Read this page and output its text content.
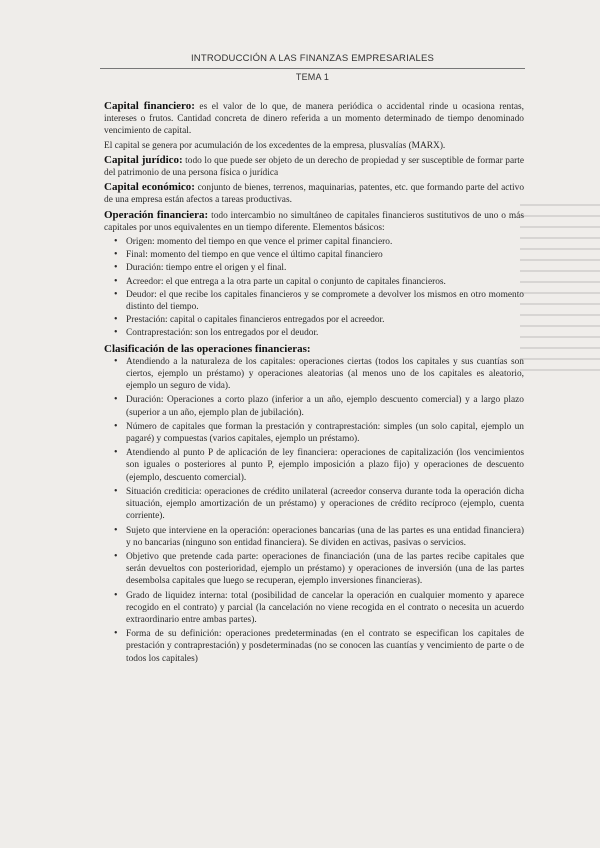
INTRODUCCIÓN A LAS FINANZAS EMPRESARIALES
TEMA 1

Capital financiero: es el valor de lo que, de manera periódica o accidental rinde u ocasiona rentas, intereses o frutos. Cantidad concreta de dinero referida a un momento determinado de tiempo denominado vencimiento de capital.

El capital se genera por acumulación de los excedentes de la empresa, plusvalías (MARX).

Capital jurídico: todo lo que puede ser objeto de un derecho de propiedad y ser susceptible de formar parte del patrimonio de una persona física o jurídica

Capital económico: conjunto de bienes, terrenos, maquinarias, patentes, etc. que formando parte del activo de una empresa están afectos a tareas productivas.

Operación financiera: todo intercambio no simultáneo de capitales financieros sustitutivos de uno o más capitales por unos equivalentes en un tiempo diferente. Elementos básicos:

• Origen: momento del tiempo en que vence el primer capital financiero.
• Final: momento del tiempo en que vence el último capital financiero
• Duración: tiempo entre el origen y el final.
• Acreedor: el que entrega a la otra parte un capital o conjunto de capitales financieros.
• Deudor: el que recibe los capitales financieros y se compromete a devolver los mismos en otro momento distinto del tiempo.
• Prestación: capital o capitales financieros entregados por el acreedor.
• Contraprestación: son los entregados por el deudor.
Clasificación de las operaciones financieras:
• Atendiendo a la naturaleza de los capitales: operaciones ciertas (todos los capitales y sus cuantías son ciertos, ejemplo un préstamo) y operaciones aleatorias (al menos uno de los capitales es aleatorio, ejemplo un seguro de vida).
• Duración: Operaciones a corto plazo (inferior a un año, ejemplo descuento comercial) y a largo plazo (superior a un año, ejemplo plan de jubilación).
• Número de capitales que forman la prestación y contraprestación: simples (un solo capital, ejemplo un pagaré) y compuestas (varios capitales, ejemplo un préstamo).
• Atendiendo al punto P de aplicación de ley financiera: operaciones de capitalización (los vencimientos son iguales o posteriores al punto P, ejemplo imposición a plazo fijo) y operaciones de descuento (ejemplo, descuento comercial).
• Situación crediticia: operaciones de crédito unilateral (acreedor conserva durante toda la operación dicha situación, ejemplo amortización de un préstamo) y operaciones de crédito recíproco (ejemplo, cuenta corriente).
• Sujeto que interviene en la operación: operaciones bancarias (una de las partes es una entidad financiera) y no bancarias (ninguno son entidad financiera). Se dividen en activas, pasivas o servicios.
• Objetivo que pretende cada parte: operaciones de financiación (una de las partes recibe capitales que serán devueltos con posterioridad, ejemplo un préstamo) y operaciones de inversión (una de las partes desembolsa capitales que luego se recuperan, ejemplo inversiones financieras).
• Grado de liquidez interna: total (posibilidad de cancelar la operación en cualquier momento y aparece recogido en el contrato) y parcial (la cancelación no viene recogida en el contrato o necesita un acuerdo extraordinario entre ambas partes).
• Forma de su definición: operaciones predeterminadas (en el contrato se especifican los capitales de prestación y contraprestación) y posdeterminadas (no se conocen las cuantías y vencimiento de parte o de todos los capitales)
